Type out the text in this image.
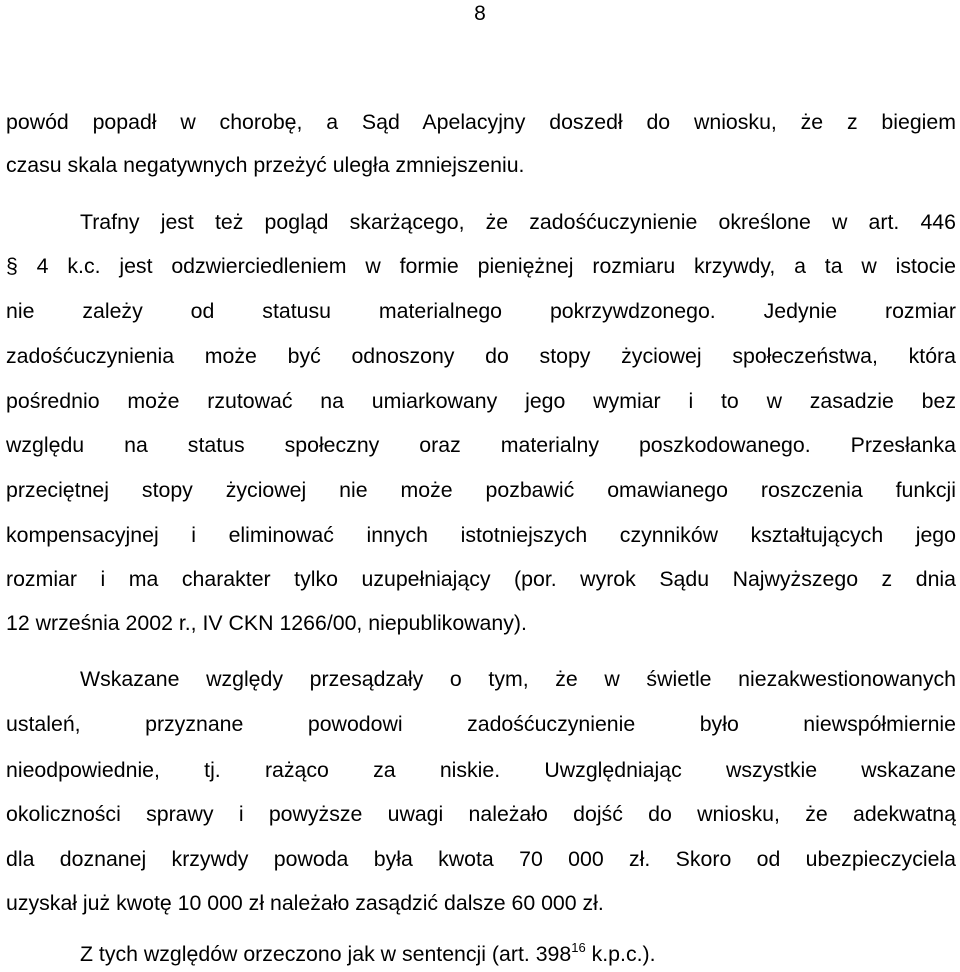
8
powód popadł w chorobę, a Sąd Apelacyjny doszedł do wniosku, że z biegiem
czasu skala negatywnych przeżyć uległa zmniejszeniu.
Trafny jest też pogląd skarżącego, że zadośćuczynienie określone w art. 446
§ 4 k.c. jest odzwierciedleniem w formie pieniężnej rozmiaru krzywdy, a ta w istocie
nie zależy od statusu materialnego pokrzywdzonego. Jedynie rozmiar
zadośćuczynienia może być odnoszony do stopy życiowej społeczeństwa, która
pośrednio może rzutować na umiarkowany jego wymiar i to w zasadzie bez
względu na status społeczny oraz materialny poszkodowanego. Przesłanka
przeciętnej stopy życiowej nie może pozbawić omawianego roszczenia funkcji
kompensacyjnej i eliminować innych istotniejszych czynników kształtujących jego
rozmiar i ma charakter tylko uzupełniający (por. wyrok Sądu Najwyższego z dnia
12 września 2002 r., IV CKN 1266/00, niepublikowany).
Wskazane względy przesądzały o tym, że w świetle niezakwestionowanych
ustaleń, przyznane powodowi zadośćuczynienie było niewspółmiernie
nieodpowiednie, tj. rażąco za niskie. Uwzględniając wszystkie wskazane
okoliczności sprawy i powyższe uwagi należało dojść do wniosku, że adekwatną
dla doznanej krzywdy powoda była kwota 70 000 zł. Skoro od ubezpieczyciela
uzyskał już kwotę 10 000 zł należało zasądzić dalsze 60 000 zł.
Z tych względów orzeczono jak w sentencji (art. $398^{16}$ k.p.c.).
